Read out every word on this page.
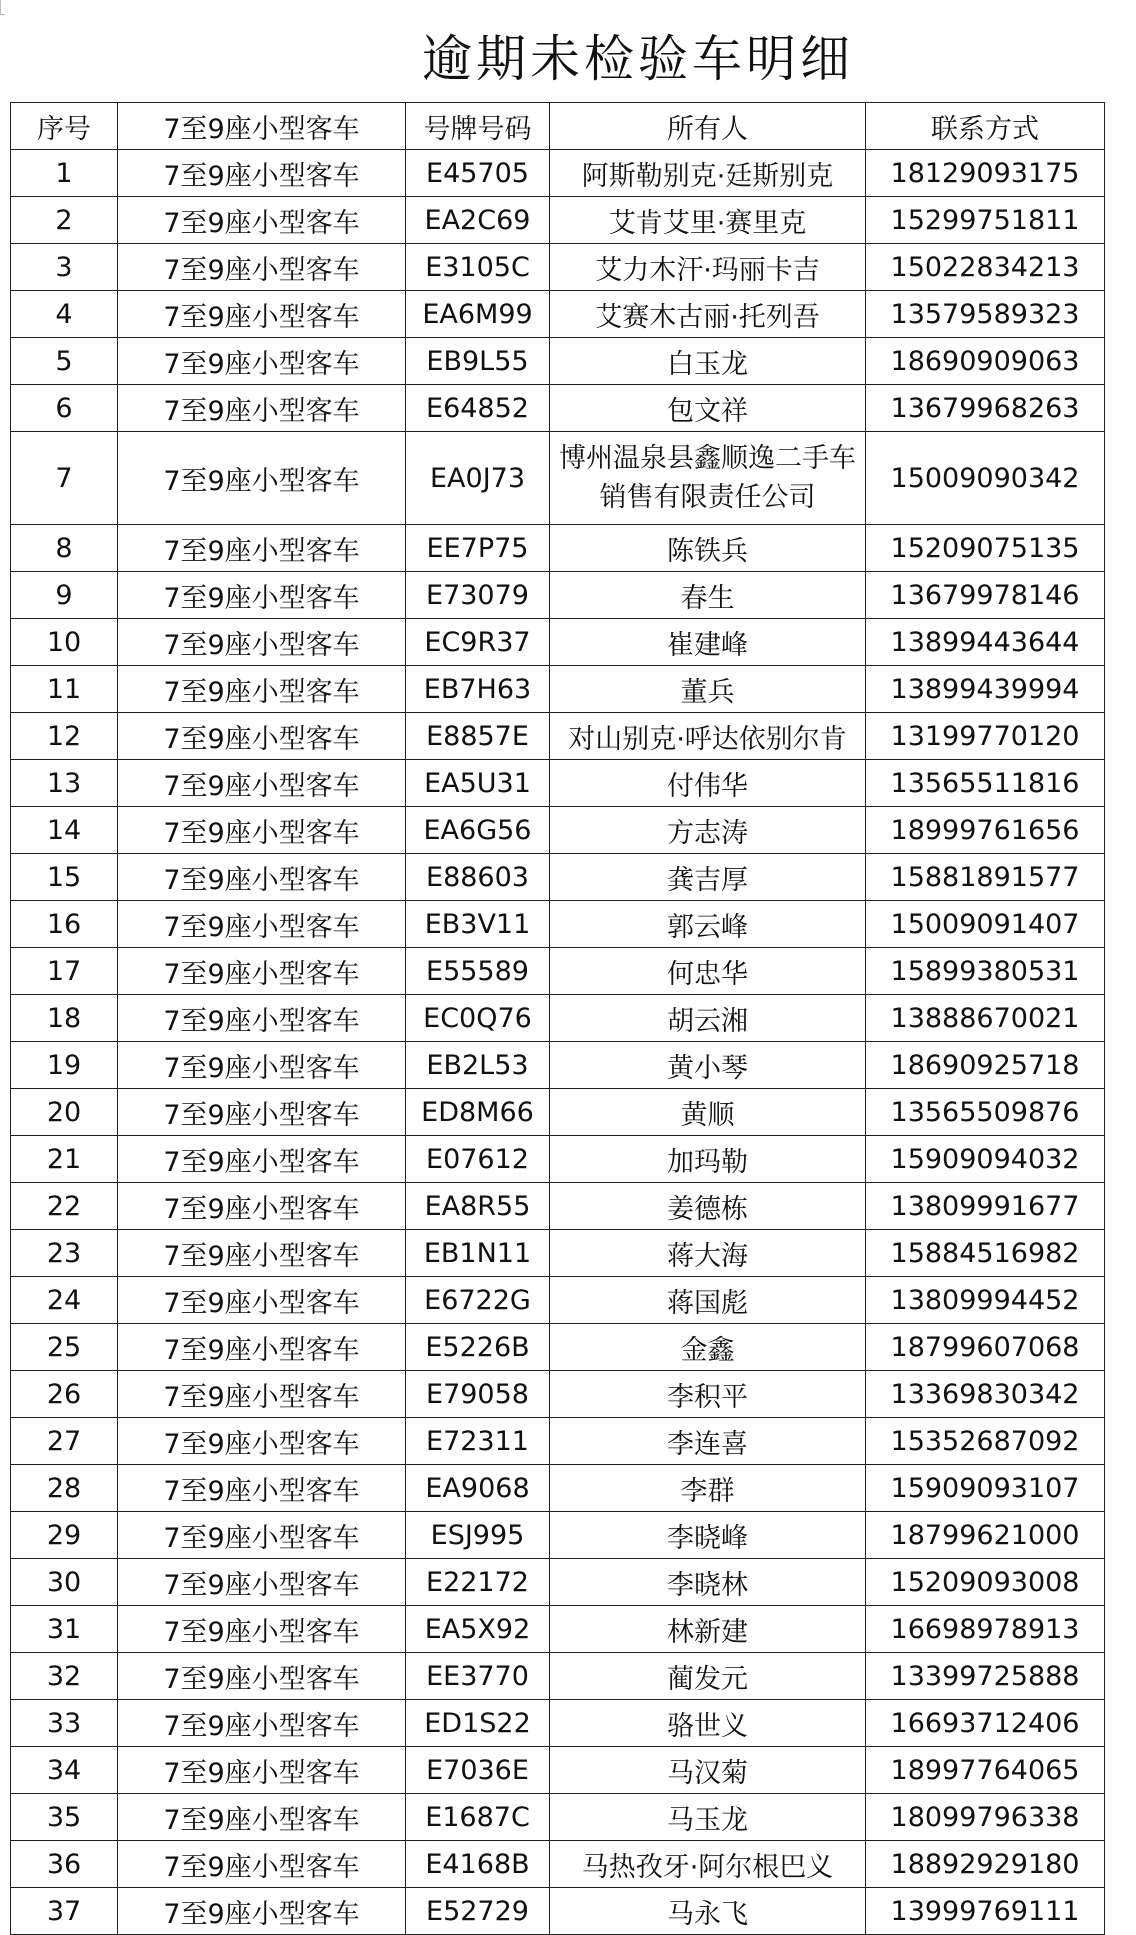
逾期未检验车明细
序号	7至9座小型客车	号牌号码	所有人	联系方式
1	7至9座小型客车	E45705	阿斯勒别克·廷斯别克	18129093175
2	7至9座小型客车	EA2C69	艾肯艾里·赛里克	15299751811
3	7至9座小型客车	E3105C	艾力木汗·玛丽卡吉	15022834213
4	7至9座小型客车	EA6M99	艾赛木古丽·托列吾	13579589323
5	7至9座小型客车	EB9L55	白玉龙	18690909063
6	7至9座小型客车	E64852	包文祥	13679968263
7	7至9座小型客车	EA0J73	博州温泉县鑫顺逸二手车销售有限责任公司	15009090342
8	7至9座小型客车	EE7P75	陈铁兵	15209075135
9	7至9座小型客车	E73079	春生	13679978146
10	7至9座小型客车	EC9R37	崔建峰	13899443644
11	7至9座小型客车	EB7H63	董兵	13899439994
12	7至9座小型客车	E8857E	对山别克·呼达依别尔肯	13199770120
13	7至9座小型客车	EA5U31	付伟华	13565511816
14	7至9座小型客车	EA6G56	方志涛	18999761656
15	7至9座小型客车	E88603	龚吉厚	15881891577
16	7至9座小型客车	EB3V11	郭云峰	15009091407
17	7至9座小型客车	E55589	何忠华	15899380531
18	7至9座小型客车	EC0Q76	胡云湘	13888670021
19	7至9座小型客车	EB2L53	黄小琴	18690925718
20	7至9座小型客车	ED8M66	黄顺	13565509876
21	7至9座小型客车	E07612	加玛勒	15909094032
22	7至9座小型客车	EA8R55	姜德栋	13809991677
23	7至9座小型客车	EB1N11	蒋大海	15884516982
24	7至9座小型客车	E6722G	蒋国彪	13809994452
25	7至9座小型客车	E5226B	金鑫	18799607068
26	7至9座小型客车	E79058	李积平	13369830342
27	7至9座小型客车	E72311	李连喜	15352687092
28	7至9座小型客车	EA9068	李群	15909093107
29	7至9座小型客车	ESJ995	李晓峰	18799621000
30	7至9座小型客车	E22172	李晓林	15209093008
31	7至9座小型客车	EA5X92	林新建	16698978913
32	7至9座小型客车	EE3770	蔺发元	13399725888
33	7至9座小型客车	ED1S22	骆世义	16693712406
34	7至9座小型客车	E7036E	马汉菊	18997764065
35	7至9座小型客车	E1687C	马玉龙	18099796338
36	7至9座小型客车	E4168B	马热孜牙·阿尔根巴义	18892929180
37	7至9座小型客车	E52729	马永飞	13999769111
